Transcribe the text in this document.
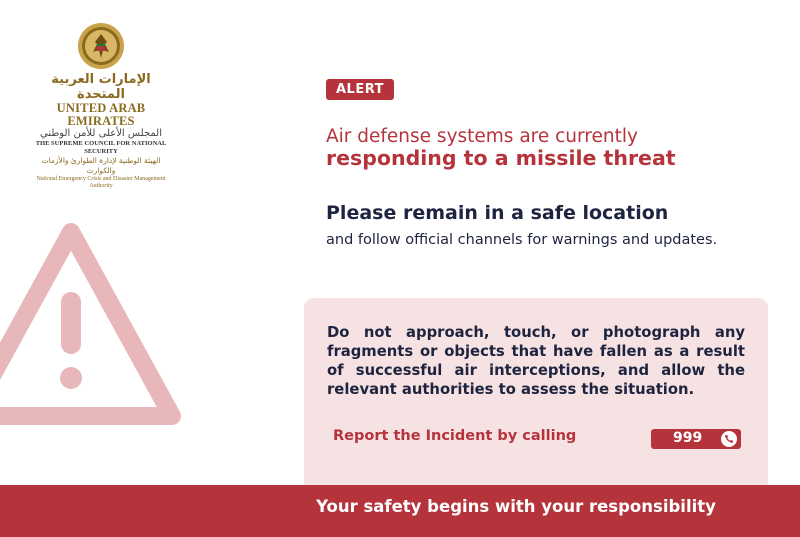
الإمارات العربية المتحدة
UNITED ARAB EMIRATES
المجلس الأعلى للأمن الوطني
THE SUPREME COUNCIL FOR NATIONAL SECURITY
الهيئة الوطنية لإدارة الطوارئ والأزمات والكوارث
National Emergency Crisis and Disaster Management Authority
ALERT
Air defense systems are currently
responding to a missile threat
Please remain in a safe location
and follow official channels for warnings and updates.
Do not approach, touch, or photograph any fragments or objects that have fallen as a result of successful air interceptions, and allow the relevant authorities to assess the situation.
Report the Incident by calling	999
Your safety begins with your responsibility
